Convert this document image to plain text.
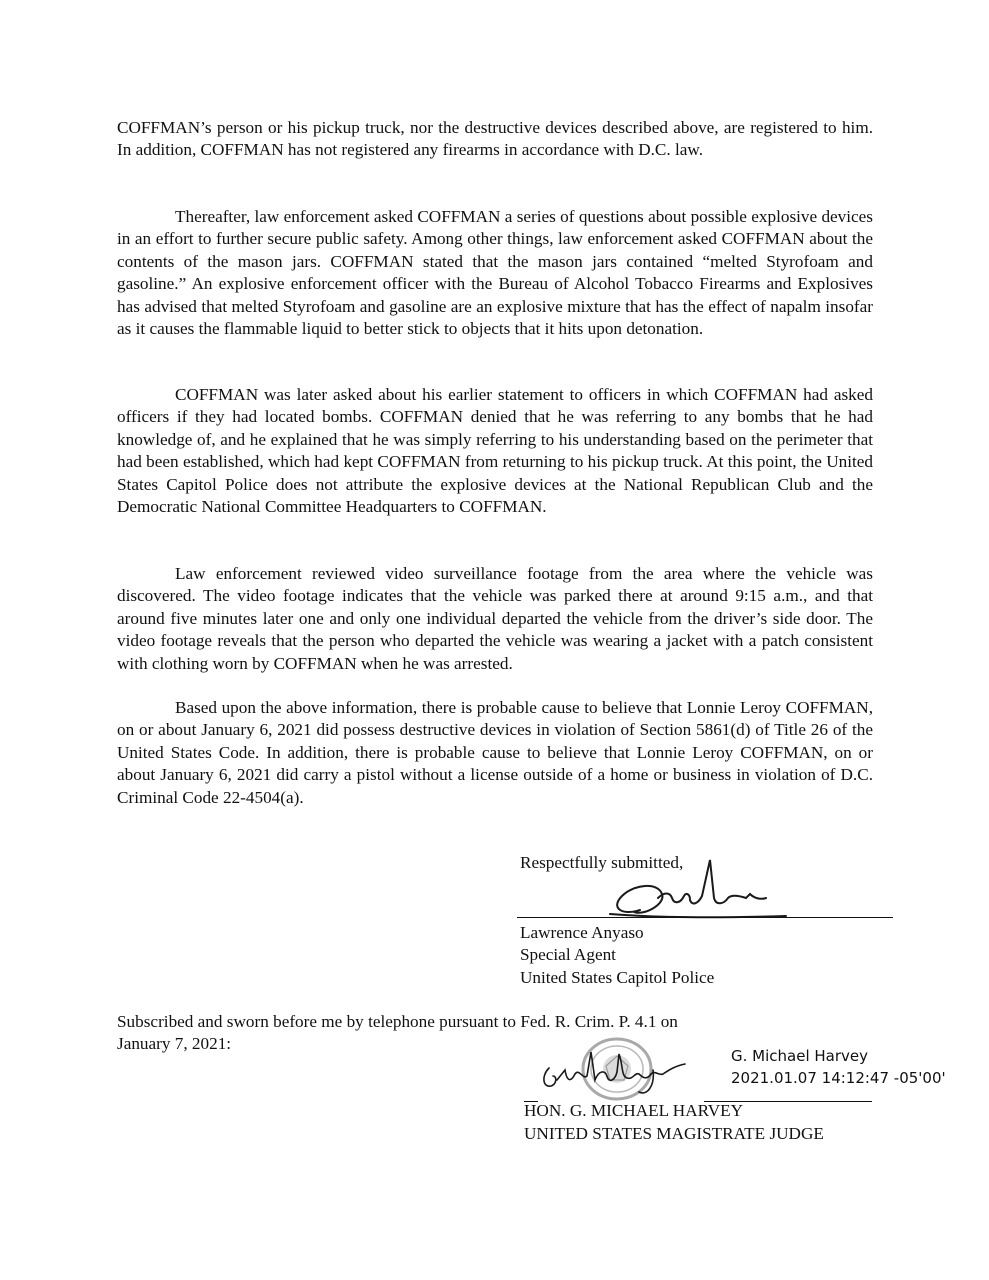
COFFMAN’s person or his pickup truck, nor the destructive devices described above, are registered to him. In addition, COFFMAN has not registered any firearms in accordance with D.C. law.

Thereafter, law enforcement asked COFFMAN a series of questions about possible explosive devices in an effort to further secure public safety. Among other things, law enforcement asked COFFMAN about the contents of the mason jars. COFFMAN stated that the mason jars contained “melted Styrofoam and gasoline.” An explosive enforcement officer with the Bureau of Alcohol Tobacco Firearms and Explosives has advised that melted Styrofoam and gasoline are an explosive mixture that has the effect of napalm insofar as it causes the flammable liquid to better stick to objects that it hits upon detonation.

COFFMAN was later asked about his earlier statement to officers in which COFFMAN had asked officers if they had located bombs. COFFMAN denied that he was referring to any bombs that he had knowledge of, and he explained that he was simply referring to his understanding based on the perimeter that had been established, which had kept COFFMAN from returning to his pickup truck. At this point, the United States Capitol Police does not attribute the explosive devices at the National Republican Club and the Democratic National Committee Headquarters to COFFMAN.

Law enforcement reviewed video surveillance footage from the area where the vehicle was discovered. The video footage indicates that the vehicle was parked there at around 9:15 a.m., and that around five minutes later one and only one individual departed the vehicle from the driver’s side door. The video footage reveals that the person who departed the vehicle was wearing a jacket with a patch consistent with clothing worn by COFFMAN when he was arrested.

Based upon the above information, there is probable cause to believe that Lonnie Leroy COFFMAN, on or about January 6, 2021 did possess destructive devices in violation of Section 5861(d) of Title 26 of the United States Code. In addition, there is probable cause to believe that Lonnie Leroy COFFMAN, on or about January 6, 2021 did carry a pistol without a license outside of a home or business in violation of D.C. Criminal Code 22-4504(a).

Respectfully submitted,
Lawrence Anyaso
Special Agent
United States Capitol Police
Subscribed and sworn before me by telephone pursuant to Fed. R. Crim. P. 4.1 on
January 7, 2021:
G. Michael Harvey
2021.01.07 14:12:47 -05'00'
HON. G. MICHAEL HARVEY
UNITED STATES MAGISTRATE JUDGE
